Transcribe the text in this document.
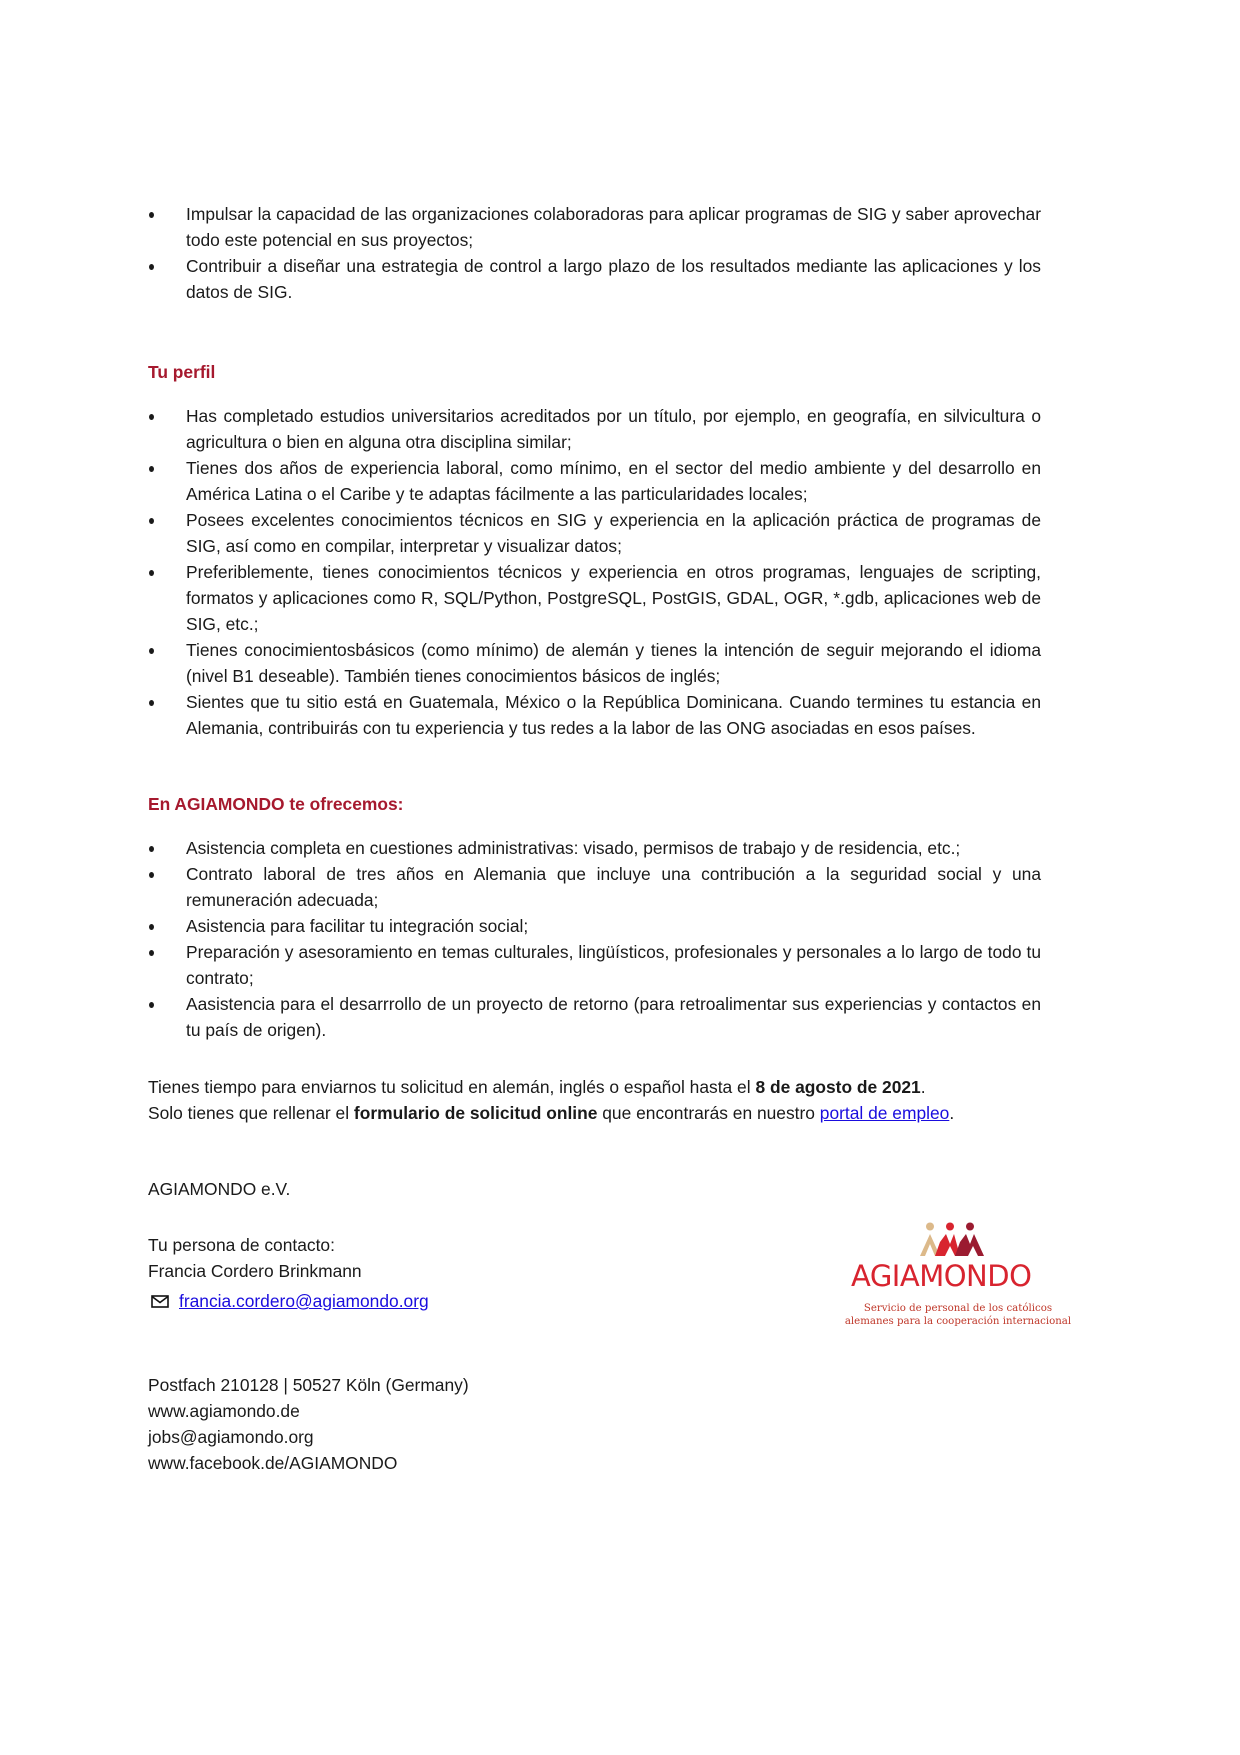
Impulsar la capacidad de las organizaciones colaboradoras para aplicar programas de SIG y saber aprovechar todo este potencial en sus proyectos;
Contribuir a diseñar una estrategia de control a largo plazo de los resultados mediante las aplicaciones y los datos de SIG.
Tu perfil
Has completado estudios universitarios acreditados por un título, por ejemplo, en geografía, en silvicultura o agricultura o bien en alguna otra disciplina similar;
Tienes dos años de experiencia laboral, como mínimo, en el sector del medio ambiente y del desarrollo en América Latina o el Caribe y te adaptas fácilmente a las particularidades locales;
Posees excelentes conocimientos técnicos en SIG y experiencia en la aplicación práctica de programas de SIG, así como en compilar, interpretar y visualizar datos;
Preferiblemente, tienes conocimientos técnicos y experiencia en otros programas, lenguajes de scripting, formatos y aplicaciones como R, SQL/Python, PostgreSQL, PostGIS, GDAL, OGR, *.gdb, aplicaciones web de SIG, etc.;
Tienes conocimientosbásicos (como mínimo) de alemán y tienes la intención de seguir mejorando el idioma (nivel B1 deseable). También tienes conocimientos básicos de inglés;
Sientes que tu sitio está en Guatemala, México o la República Dominicana. Cuando termines tu estancia en Alemania, contribuirás con tu experiencia y tus redes a la labor de las ONG asociadas en esos países.
En AGIAMONDO te ofrecemos:
Asistencia completa en cuestiones administrativas: visado, permisos de trabajo y de residencia, etc.;
Contrato laboral de tres años en Alemania que incluye una contribución a la seguridad social y una remuneración adecuada;
Asistencia para facilitar tu integración social;
Preparación y asesoramiento en temas culturales, lingüísticos, profesionales y personales a lo largo de todo tu contrato;
Aasistencia para el desarrrollo de un proyecto de retorno (para retroalimentar sus experiencias y contactos en tu país de origen).

Tienes tiempo para enviarnos tu solicitud en alemán, inglés o español hasta el 8 de agosto de 2021.

Solo tienes que rellenar el formulario de solicitud online que encontrarás en nuestro portal de empleo.

AGIAMONDO e.V.
Tu persona de contacto:
Francia Cordero Brinkmann
francia.cordero@agiamondo.org
Postfach 210128 | 50527 Köln (Germany)
www.agiamondo.de
jobs@agiamondo.org
www.facebook.de/AGIAMONDO
AGIAMONDO
Servicio de personal de los católicos
alemanes para la cooperación internacional
